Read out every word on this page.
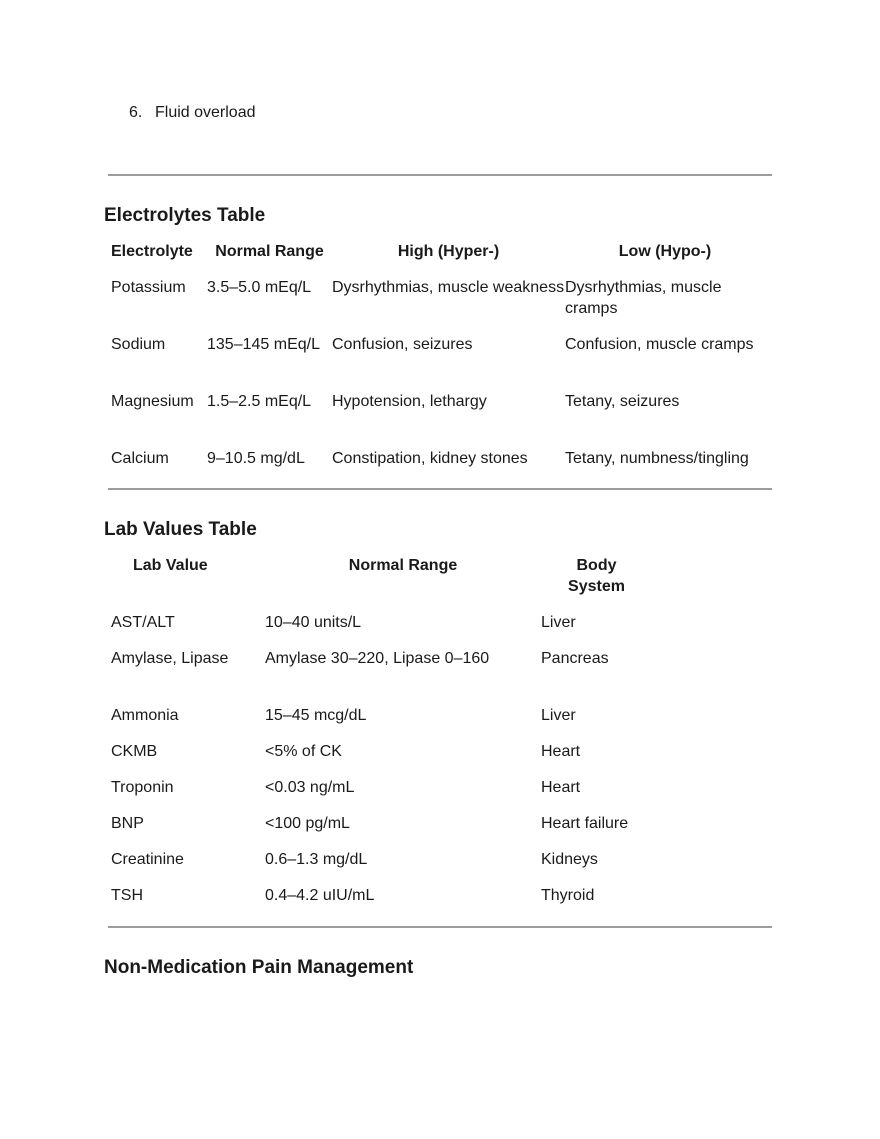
6. Fluid overload
Electrolytes Table
Electrolyte	Normal Range	High (Hyper-)	Low (Hypo-)
Potassium	3.5–5.0 mEq/L	Dysrhythmias, muscle weakness	Dysrhythmias, muscle cramps
Sodium	135–145 mEq/L	Confusion, seizures	Confusion, muscle cramps
Magnesium	1.5–2.5 mEq/L	Hypotension, lethargy	Tetany, seizures
Calcium	9–10.5 mg/dL	Constipation, kidney stones	Tetany, numbness/tingling
Lab Values Table
Lab Value	Normal Range	Body System
AST/ALT	10–40 units/L	Liver
Amylase, Lipase	Amylase 30–220, Lipase 0–160	Pancreas
Ammonia	15–45 mcg/dL	Liver
CKMB	<5% of CK	Heart
Troponin	<0.03 ng/mL	Heart
BNP	<100 pg/mL	Heart failure
Creatinine	0.6–1.3 mg/dL	Kidneys
TSH	0.4–4.2 uIU/mL	Thyroid
Non-Medication Pain Management
